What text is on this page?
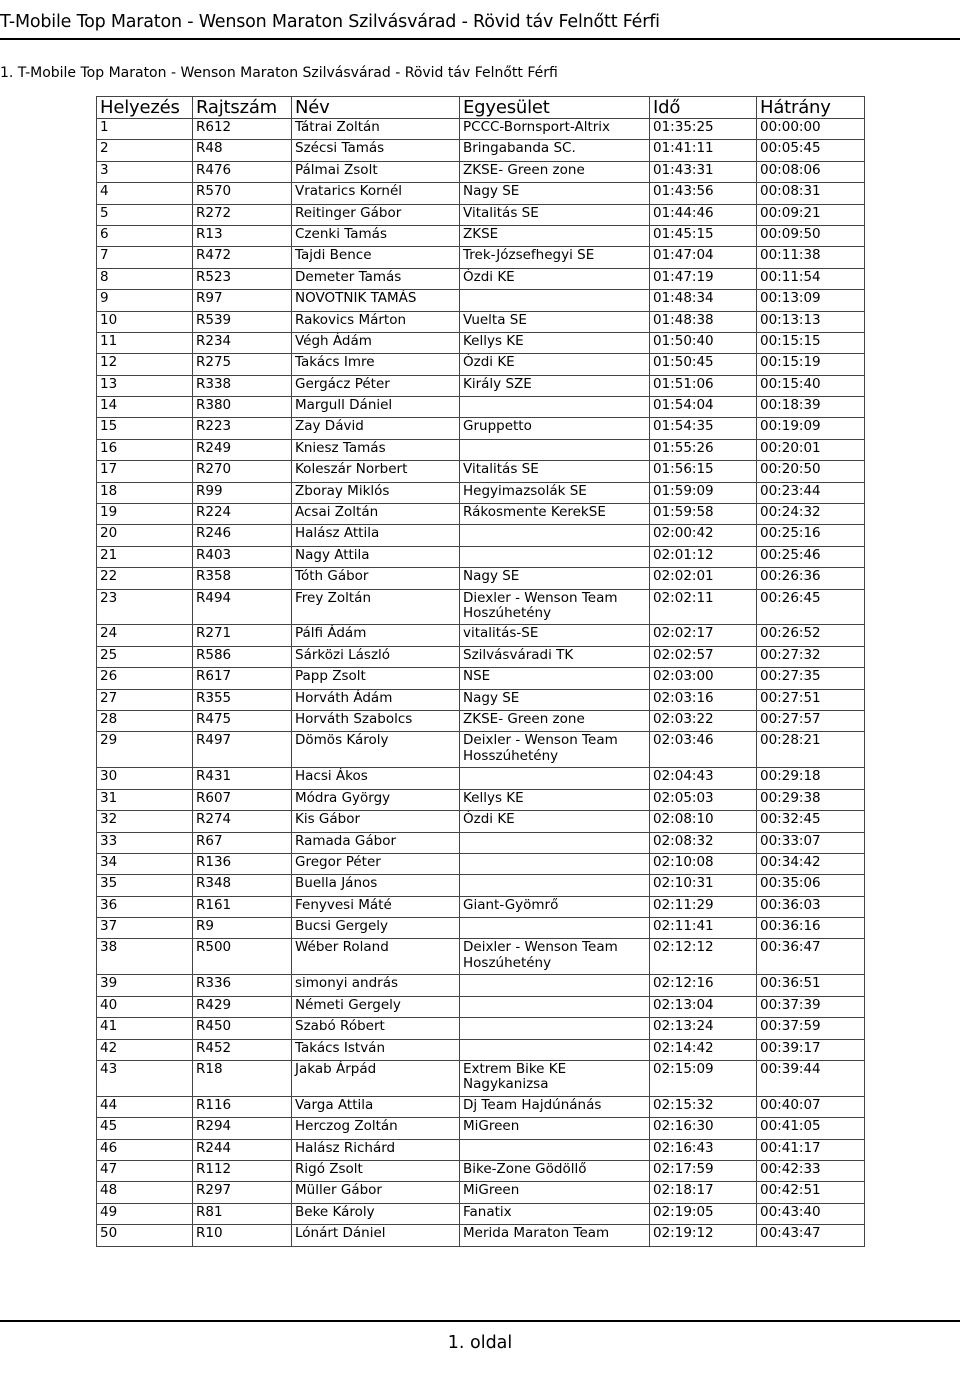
T-Mobile Top Maraton - Wenson Maraton Szilvásvárad - Rövid táv Felnőtt Férfi
1. T-Mobile Top Maraton - Wenson Maraton Szilvásvárad - Rövid táv Felnőtt Férfi
Helyezés	Rajtszám	Név	Egyesület	Idő	Hátrány
1	R612	Tátrai Zoltán	PCCC-Bornsport-Altrix	01:35:25	00:00:00
2	R48	Szécsi Tamás	Bringabanda SC.	01:41:11	00:05:45
3	R476	Pálmai Zsolt	ZKSE- Green zone	01:43:31	00:08:06
4	R570	Vratarics Kornél	Nagy SE	01:43:56	00:08:31
5	R272	Reitinger Gábor	Vitalitás SE	01:44:46	00:09:21
6	R13	Czenki Tamás	ZKSE	01:45:15	00:09:50
7	R472	Tajdi Bence	Trek-Józsefhegyi SE	01:47:04	00:11:38
8	R523	Demeter Tamás	Ózdi KE	01:47:19	00:11:54
9	R97	NOVOTNIK TAMÁS		01:48:34	00:13:09
10	R539	Rakovics Márton	Vuelta SE	01:48:38	00:13:13
11	R234	Végh Ádám	Kellys KE	01:50:40	00:15:15
12	R275	Takács Imre	Ózdi KE	01:50:45	00:15:19
13	R338	Gergácz Péter	Király SZE	01:51:06	00:15:40
14	R380	Margull Dániel		01:54:04	00:18:39
15	R223	Zay Dávid	Gruppetto	01:54:35	00:19:09
16	R249	Kniesz Tamás		01:55:26	00:20:01
17	R270	Koleszár Norbert	Vitalitás SE	01:56:15	00:20:50
18	R99	Zboray Miklós	Hegyimazsolák SE	01:59:09	00:23:44
19	R224	Acsai Zoltán	Rákosmente KerekSE	01:59:58	00:24:32
20	R246	Halász Attila		02:00:42	00:25:16
21	R403	Nagy Attila		02:01:12	00:25:46
22	R358	Tóth Gábor	Nagy SE	02:02:01	00:26:36
23	R494	Frey Zoltán	Diexler - Wenson Team Hoszúhetény	02:02:11	00:26:45
24	R271	Pálfi Ádám	vitalitás-SE	02:02:17	00:26:52
25	R586	Sárközi László	Szilvásváradi TK	02:02:57	00:27:32
26	R617	Papp Zsolt	NSE	02:03:00	00:27:35
27	R355	Horváth Ádám	Nagy SE	02:03:16	00:27:51
28	R475	Horváth Szabolcs	ZKSE- Green zone	02:03:22	00:27:57
29	R497	Dömös Károly	Deixler - Wenson Team Hosszúhetény	02:03:46	00:28:21
30	R431	Hacsi Ákos		02:04:43	00:29:18
31	R607	Módra György	Kellys KE	02:05:03	00:29:38
32	R274	Kis Gábor	Ózdi KE	02:08:10	00:32:45
33	R67	Ramada Gábor		02:08:32	00:33:07
34	R136	Gregor Péter		02:10:08	00:34:42
35	R348	Buella János		02:10:31	00:35:06
36	R161	Fenyvesi Máté	Giant-Gyömrő	02:11:29	00:36:03
37	R9	Bucsi Gergely		02:11:41	00:36:16
38	R500	Wéber Roland	Deixler - Wenson Team Hoszúhetény	02:12:12	00:36:47
39	R336	simonyi andrás		02:12:16	00:36:51
40	R429	Németi Gergely		02:13:04	00:37:39
41	R450	Szabó Róbert		02:13:24	00:37:59
42	R452	Takács István		02:14:42	00:39:17
43	R18	Jakab Árpád	Extrem Bike KE Nagykanizsa	02:15:09	00:39:44
44	R116	Varga Attila	Dj Team Hajdúnánás	02:15:32	00:40:07
45	R294	Herczog Zoltán	MiGreen	02:16:30	00:41:05
46	R244	Halász Richárd		02:16:43	00:41:17
47	R112	Rigó Zsolt	Bike-Zone Gödöllő	02:17:59	00:42:33
48	R297	Müller Gábor	MiGreen	02:18:17	00:42:51
49	R81	Beke Károly	Fanatix	02:19:05	00:43:40
50	R10	Lónárt Dániel	Merida Maraton Team	02:19:12	00:43:47
1. oldal
